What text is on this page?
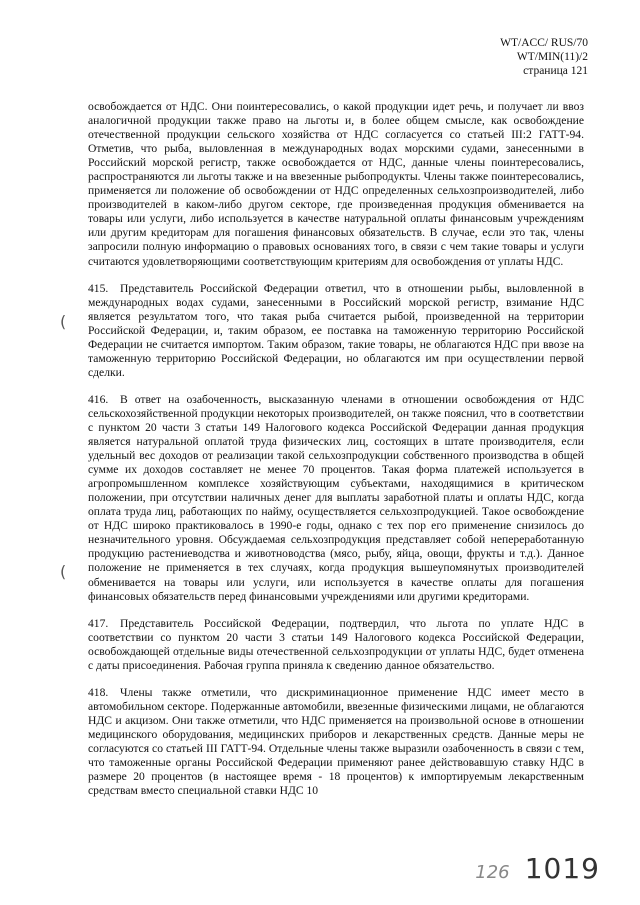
WT/ACC/ RUS/70
WT/MIN(11)/2
страница 121
(
(

освобождается от НДС. Они поинтересовались, о какой продукции идет речь, и получает ли ввоз аналогичной продукции также право на льготы и, в более общем смысле, как освобождение отечественной продукции сельского хозяйства от НДС согласуется со статьей III:2 ГАТТ-94. Отметив, что рыба, выловленная в международных водах морскими судами, занесенными в Российский морской регистр, также освобождается от НДС, данные члены поинтересовались, распространяются ли льготы также и на ввезенные рыбопродукты. Члены также поинтересовались, применяется ли положение об освобождении от НДС определенных сельхозпроизводителей, либо производителей в каком-либо другом секторе, где произведенная продукция обменивается на товары или услуги, либо используется в качестве натуральной оплаты финансовым учреждениям или другим кредиторам для погашения финансовых обязательств. В случае, если это так, члены запросили полную информацию о правовых основаниях того, в связи с чем такие товары и услуги считаются удовлетворяющими соответствующим критериям для освобождения от уплаты НДС.

415. Представитель Российской Федерации ответил, что в отношении рыбы, выловленной в международных водах судами, занесенными в Российский морской регистр, взимание НДС является результатом того, что такая рыба считается рыбой, произведенной на территории Российской Федерации, и, таким образом, ее поставка на таможенную территорию Российской Федерации не считается импортом. Таким образом, такие товары, не облагаются НДС при ввозе на таможенную территорию Российской Федерации, но облагаются им при осуществлении первой сделки.

416. В ответ на озабоченность, высказанную членами в отношении освобождения от НДС сельскохозяйственной продукции некоторых производителей, он также пояснил, что в соответствии с пунктом 20 части 3 статьи 149 Налогового кодекса Российской Федерации данная продукция является натуральной оплатой труда физических лиц, состоящих в штате производителя, если удельный вес доходов от реализации такой сельхозпродукции собственного производства в общей сумме их доходов составляет не менее 70 процентов. Такая форма платежей используется в агропромышленном комплексе хозяйствующим субъектами, находящимися в критическом положении, при отсутствии наличных денег для выплаты заработной платы и оплаты НДС, когда оплата труда лиц, работающих по найму, осуществляется сельхозпродукцией. Такое освобождение от НДС широко практиковалось в 1990-е годы, однако с тех пор его применение снизилось до незначительного уровня. Обсуждаемая сельхозпродукция представляет собой непереработанную продукцию растениеводства и животноводства (мясо, рыбу, яйца, овощи, фрукты и т.д.). Данное положение не применяется в тех случаях, когда продукция вышеупомянутых производителей обменивается на товары или услуги, или используется в качестве оплаты для погашения финансовых обязательств перед финансовыми учреждениями или другими кредиторами.

417. Представитель Российской Федерации, подтвердил, что льгота по уплате НДС в соответствии со пунктом 20 части 3 статьи 149 Налогового кодекса Российской Федерации, освобождающей отдельные виды отечественной сельхозпродукции от уплаты НДС, будет отменена с даты присоединения. Рабочая группа приняла к сведению данное обязательство.

418. Члены также отметили, что дискриминационное применение НДС имеет место в автомобильном секторе. Подержанные автомобили, ввезенные физическими лицами, не облагаются НДС и акцизом. Они также отметили, что НДС применяется на произвольной основе в отношении медицинского оборудования, медицинских приборов и лекарственных средств. Данные меры не согласуются со статьей III ГАТТ-94. Отдельные члены также выразили озабоченность в связи с тем, что таможенные органы Российской Федерации применяют ранее действовавшую ставку НДС в размере 20 процентов (в настоящее время - 18 процентов) к импортируемым лекарственным средствам вместо специальной ставки НДС 10

126 1019
